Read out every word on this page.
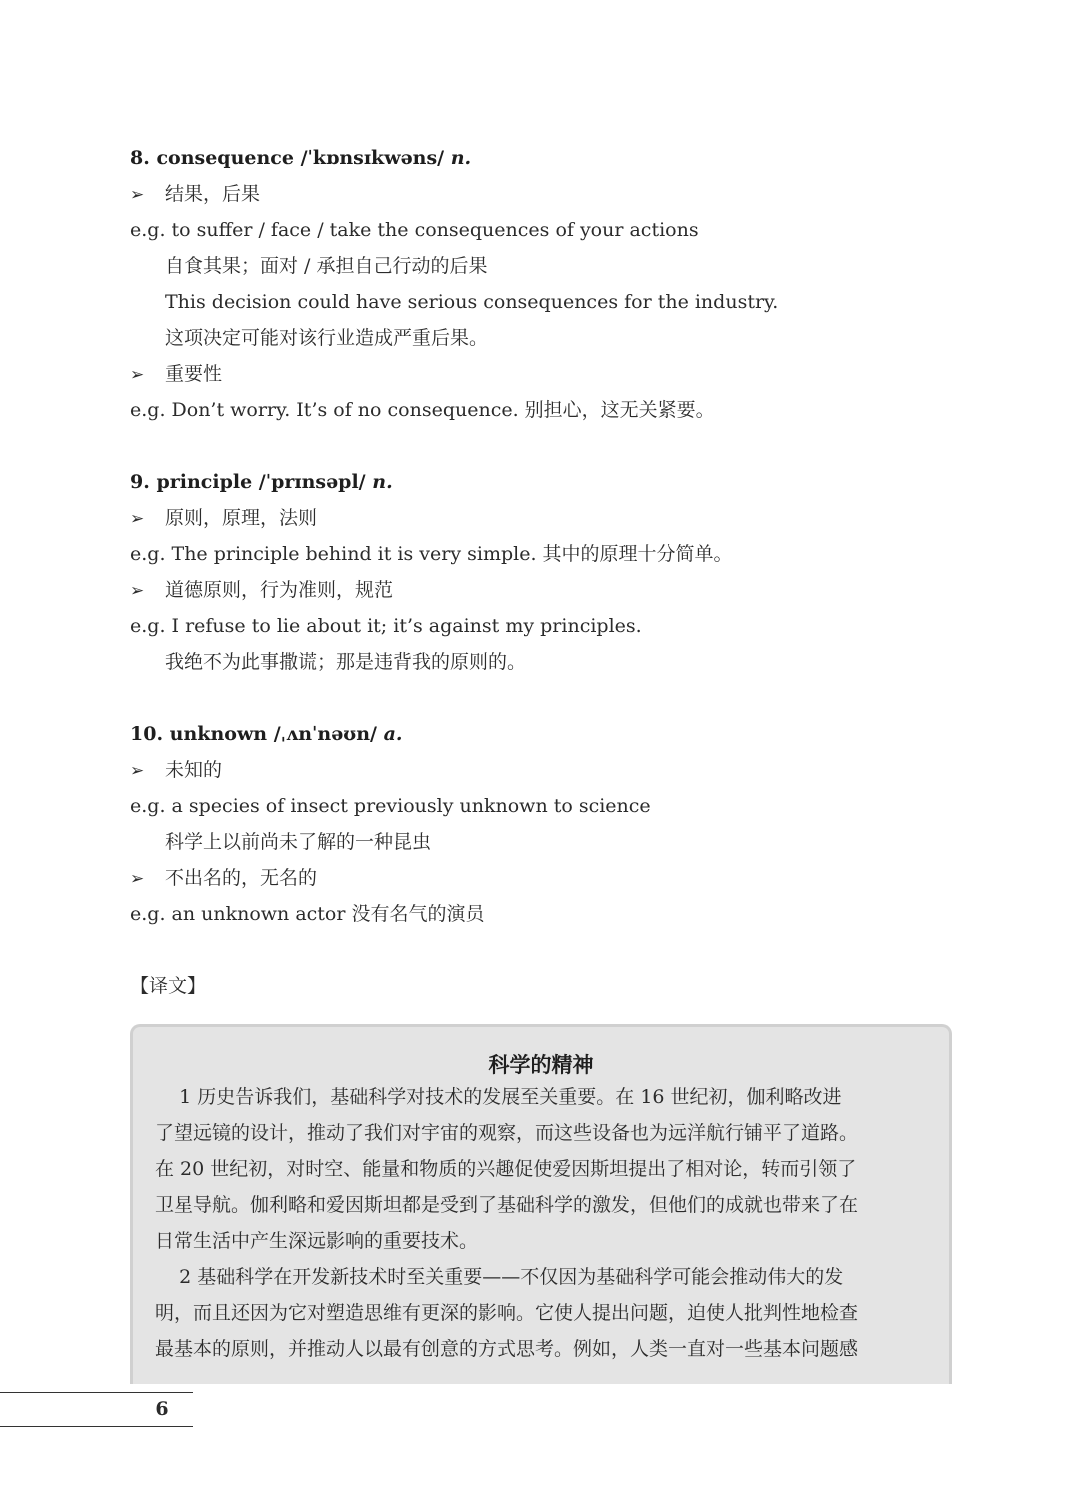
8. consequence /ˈkɒnsɪkwəns/ n.
➢ 结果，后果
e.g. to suffer / face / take the consequences of your actions
自食其果；面对 / 承担自己行动的后果
This decision could have serious consequences for the industry.
这项决定可能对该行业造成严重后果。
➢ 重要性
e.g. Don’t worry. It’s of no consequence. 别担心，这无关紧要。
9. principle /ˈprɪnsəpl/ n.
➢ 原则，原理，法则
e.g. The principle behind it is very simple. 其中的原理十分简单。
➢ 道德原则，行为准则，规范
e.g. I refuse to lie about it; it’s against my principles.
我绝不为此事撒谎；那是违背我的原则的。
10. unknown /ˌʌnˈnəʊn/ a.
➢ 未知的
e.g. a species of insect previously unknown to science
科学上以前尚未了解的一种昆虫
➢ 不出名的，无名的
e.g. an unknown actor 没有名气的演员
【译文】
科学的精神
1 历史告诉我们，基础科学对技术的发展至关重要。在 16 世纪初，伽利略改进
了望远镜的设计，推动了我们对宇宙的观察，而这些设备也为远洋航行铺平了道路。
在 20 世纪初，对时空、能量和物质的兴趣促使爱因斯坦提出了相对论，转而引领了
卫星导航。伽利略和爱因斯坦都是受到了基础科学的激发，但他们的成就也带来了在
日常生活中产生深远影响的重要技术。
2 基础科学在开发新技术时至关重要——不仅因为基础科学可能会推动伟大的发
明，而且还因为它对塑造思维有更深的影响。它使人提出问题，迫使人批判性地检查
最基本的原则，并推动人以最有创意的方式思考。例如，人类一直对一些基本问题感
6
